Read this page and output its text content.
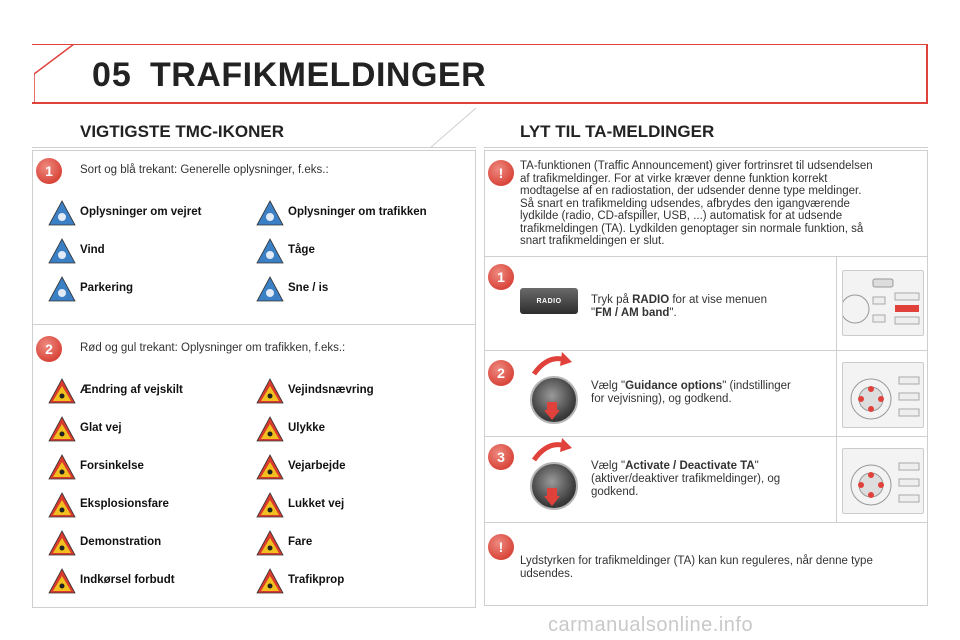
05 TRAFIKMELDINGER
VIGTIGSTE TMC-IKONER
1	Sort og blå trekant: Generelle oplysninger, f.eks.:
Oplysninger om vejret	Oplysninger om trafikken
Vind	Tåge
Parkering	Sne / is
2	Rød og gul trekant: Oplysninger om trafikken, f.eks.:
Ændring af vejskilt	Vejindsnævring
Glat vej	Ulykke
Forsinkelse	Vejarbejde
Eksplosionsfare	Lukket vej
Demonstration	Fare
Indkørsel forbudt	Trafikprop
LYT TIL TA-MELDINGER
!	TA-funktionen (Traffic Announcement) giver fortrinsret til udsendelsen
af trafikmeldinger. For at virke kræver denne funktion korrekt
modtagelse af en radiostation, der udsender denne type meldinger.
Så snart en trafikmelding udsendes, afbrydes den igangværende
lydkilde (radio, CD-afspiller, USB, ...) automatisk for at udsende
trafikmeldingen (TA). Lydkilden genoptager sin normale funktion, så
snart trafikmeldingen er slut.
1
RADIO	Tryk på RADIO for at vise menuen
"FM / AM band".
2
Vælg "Guidance options" (indstillinger
for vejvisning), og godkend.
3
Vælg "Activate / Deactivate TA"
(aktiver/deaktiver trafikmeldinger), og
godkend.
!
Lydstyrken for trafikmeldinger (TA) kan kun reguleres, når denne type
udsendes.
carmanualsonline.info
